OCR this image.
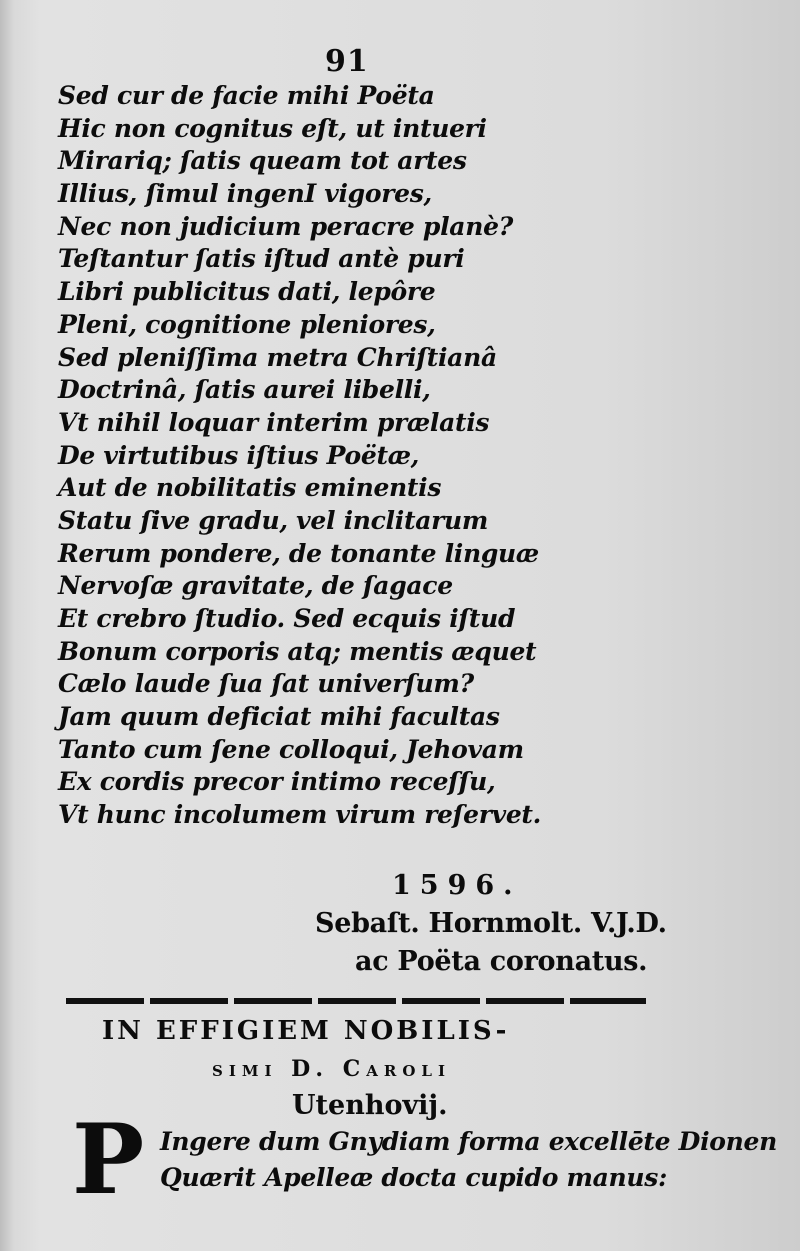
91
Sed cur de facie mihi Poëta
Hic non cognitus eſt, ut intueri
Mirariq; ſatis queam tot artes
Illius, ſimul ingenI vigores,
Nec non judicium peracre planè?
Teſtantur ſatis iſtud antè puri
Libri publicitus dati, lepôre
Pleni, cognitione pleniores,
Sed pleniſſima metra Chriſtianâ
Doctrinâ, ſatis aurei libelli,
Vt nihil loquar interim prælatis
De virtutibus iſtius Poëtæ,
Aut de nobilitatis eminentis
Statu ſive gradu, vel inclitarum
Rerum pondere, de tonante linguæ
Nervoſæ gravitate, de ſagace
Et crebro ſtudio. Sed ecquis iſtud
Bonum corporis atq; mentis æquet
Cælo laude ſua ſat univerſum?
Jam quum deficiat mihi facultas
Tanto cum ſene colloqui, Jehovam
Ex cordis precor intimo receſſu,
Vt hunc incolumem virum reſervet.
1596.
Sebaſt. Hornmolt. V.J.D.
ac Poëta coronatus.
IN EFFIGIEM NOBILIS-
simi D. Caroli
Utenhovij.
P Ingere dum Gnydiam forma excellēte Dionen
Quærit Apelleæ docta cupido manus:
